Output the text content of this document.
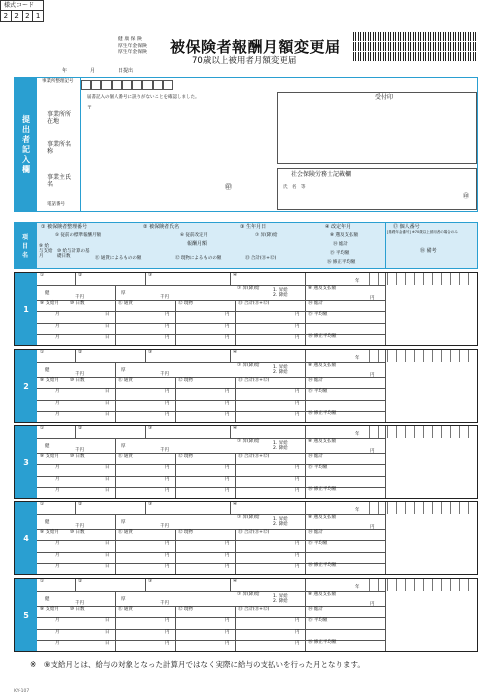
様式コード
2 2 2 1
健 康 保 険
厚生年金保険
厚生年金保険 被保険者報酬月額変更届
70歳以上被用者月額変更届
年	月	日提出
提出者記入欄
事業所整理記号
届書記入の個人番号に誤りがないことを確認しました。
〒
事業所所在地
事業所名称
事業主氏名
電話番号
㊞
受付印
社会保険労務士記載欄
氏　名　等
㊞
項目名
① 被保険者整理番号	② 被保険者氏名	③ 生年月日	④ 改定年月
⑤ 従前の標準報酬月額	⑥ 従前改定月	⑦ 昇(降)給	⑧ 遡及支払額
⑨ 給与支給月
⑩ 給与計算の基礎日数
報酬月額
⑪ 通貨によるものの額	⑫ 現物によるものの額	⑬ 合計(⑪+⑫)
⑭ 総計
⑮ 平均額
⑯ 修正平均額
⑰ 個人番号
[基礎年金番号] ※70歳以上被用者の場合のみ
⑱ 備考
1
①	②	③	④
年
健
千円
厚
千円
⑦ 昇(降)給	1. 昇給
2. 降給
⑧ 遡及支払額
円
⑨ 支給月 ⑩ 日数	⑪ 通貨	⑫ 現物	⑬ 合計(⑪+⑫)	⑭ 総計
⑮ 平均額
⑯ 修正平均額
月	日	円	円	円
月	日	円	円	円
月	日	円	円	円
2
①	②	③	④
年
健
千円
厚
千円
⑦ 昇(降)給	1. 昇給
2. 降給
⑧ 遡及支払額
円
⑨ 支給月 ⑩ 日数	⑪ 通貨	⑫ 現物	⑬ 合計(⑪+⑫)	⑭ 総計
⑮ 平均額
⑯ 修正平均額
月	日	円	円	円
月	日	円	円	円
月	日	円	円	円
3
①	②	③	④
年
健
千円
厚
千円
⑦ 昇(降)給	1. 昇給
2. 降給
⑧ 遡及支払額
円
⑨ 支給月 ⑩ 日数	⑪ 通貨	⑫ 現物	⑬ 合計(⑪+⑫)	⑭ 総計
⑮ 平均額
⑯ 修正平均額
月	日	円	円	円
月	日	円	円	円
月	日	円	円	円
4
①	②	③	④
年
健
千円
厚
千円
⑦ 昇(降)給	1. 昇給
2. 降給
⑧ 遡及支払額
円
⑨ 支給月 ⑩ 日数	⑪ 通貨	⑫ 現物	⑬ 合計(⑪+⑫)	⑭ 総計
⑮ 平均額
⑯ 修正平均額
月	日	円	円	円
月	日	円	円	円
月	日	円	円	円
5
①	②	③	④
年
健
千円
厚
千円
⑦ 昇(降)給	1. 昇給
2. 降給
⑧ 遡及支払額
円
⑨ 支給月 ⑩ 日数	⑪ 通貨	⑫ 現物	⑬ 合計(⑪+⑫)	⑭ 総計
⑮ 平均額
⑯ 修正平均額
月	日	円	円	円
月	日	円	円	円
月	日	円	円	円
※　⑨支給月とは、給与の対象となった計算月ではなく実際に給与の支払いを行った月となります。
KY-107
